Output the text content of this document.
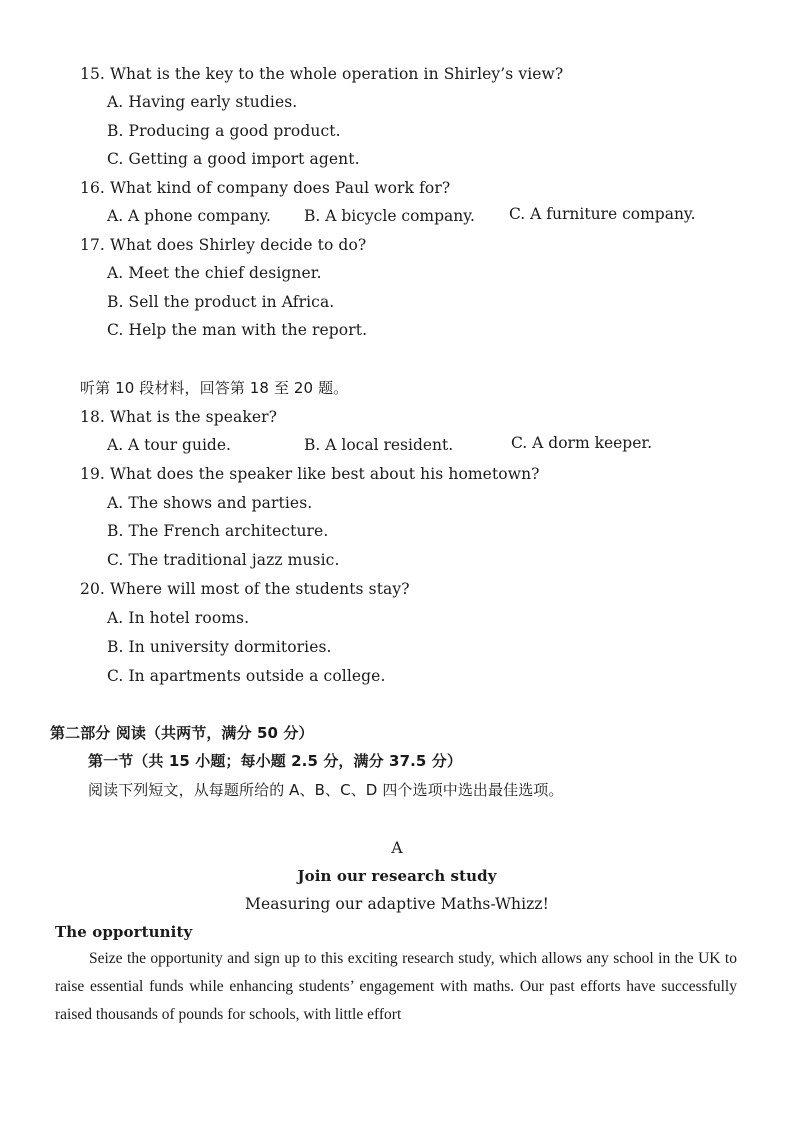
15. What is the key to the whole operation in Shirley’s view?
A. Having early studies.
B. Producing a good product.
C. Getting a good import agent.
16. What kind of company does Paul work for?
A. A phone company. B. A bicycle company. C. A furniture company.
17. What does Shirley decide to do?
A. Meet the chief designer.
B. Sell the product in Africa.
C. Help the man with the report.
听第 10 段材料，回答第 18 至 20 题。
18. What is the speaker?
A. A tour guide.	B. A local resident.	C. A dorm keeper.
19. What does the speaker like best about his hometown?
A. The shows and parties.
B. The French architecture.
C. The traditional jazz music.
20. Where will most of the students stay?
A. In hotel rooms.
B. In university dormitories.
C. In apartments outside a college.
第二部分 阅读（共两节，满分 50 分）
第一节（共 15 小题；每小题 2.5 分，满分 37.5 分）
阅读下列短文，从每题所给的 A、B、C、D 四个选项中选出最佳选项。
A
Join our research study
Measuring our adaptive Maths-Whizz!
The opportunity
Seize the opportunity and sign up to this exciting research study, which allows any school in the UK to raise essential funds while enhancing students’ engagement with maths. Our past efforts have successfully raised thousands of pounds for schools, with little effort
